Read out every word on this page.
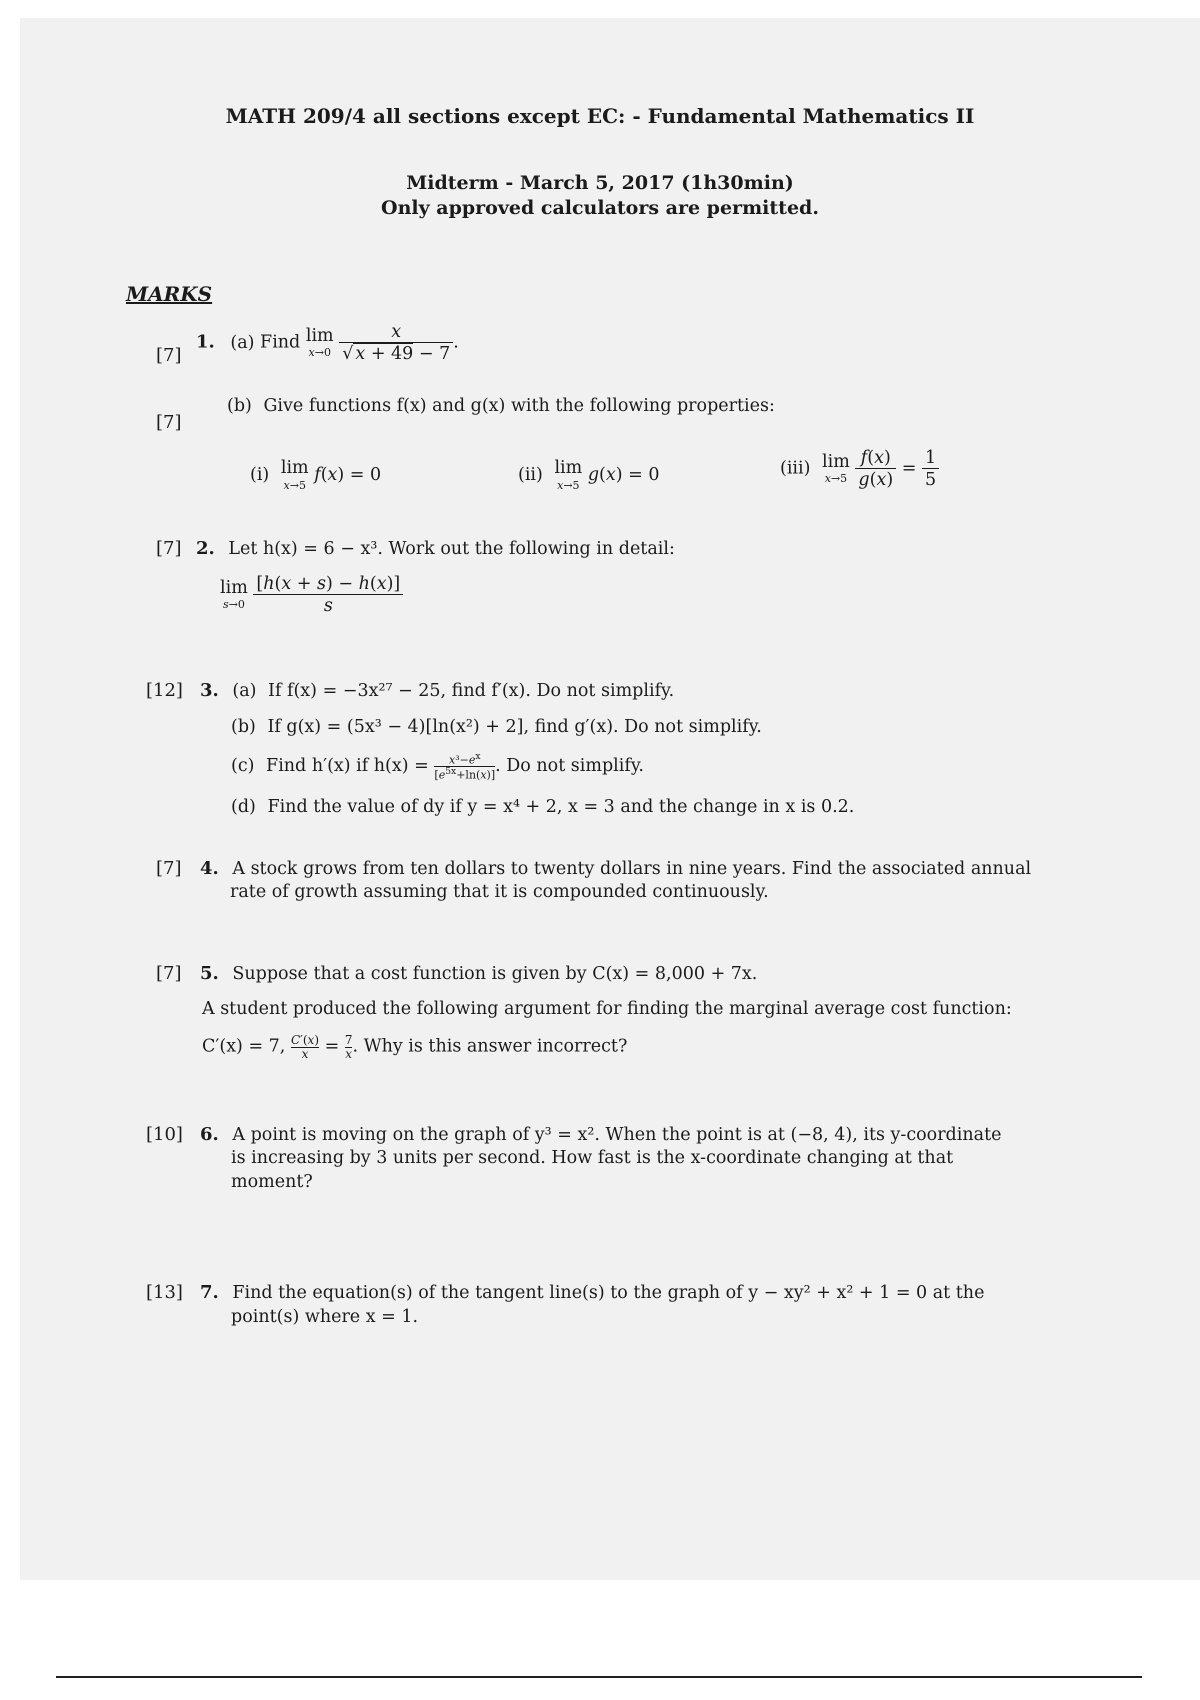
MATH 209/4 all sections except EC: - Fundamental Mathematics II
Midterm - March 5, 2017 (1h30min)
Only approved calculators are permitted.
MARKS
[7]
1. (a) Find lim
x→0
$\frac{x}{√ x + 49 - 7}$ .
[7]
(b) Give functions f(x) and g(x) with the following properties:
(i) lim
x→5
f(x) = 0	(ii) lim
x→5
g(x) = 0	(iii) lim
x→5
$\frac{f(x)}{g(x)} = \frac{1}{5}$
[7] 2. Let h(x) = 6 − x³. Work out the following in detail:
lim
s→0
$\frac{[h(x + s) - h(x)]}{s}$
[12] 3. (a) If f(x) = −3x²⁷ − 25, find f′(x). Do not simplify.
(b) If g(x) = (5x³ − 4)[ln(x²) + 2], find g′(x). Do not simplify.
(c) Find h′(x) if $h(x) = \frac{x^3-e^x}{[e^{5x}+\ln(x)]}$ . Do not simplify.
(d) Find the value of dy if y = x⁴ + 2, x = 3 and the change in x is 0.2.
[7] 4. A stock grows from ten dollars to twenty dollars in nine years. Find the associated annual
rate of growth assuming that it is compounded continuously.
[7] 5. Suppose that a cost function is given by C(x) = 8,000 + 7x.
A student produced the following argument for finding the marginal average cost function:
C′(x) = 7, $\frac{C'(x)}{x} = \frac{7}{x}$ . Why is this answer incorrect?
[10] 6. A point is moving on the graph of y³ = x². When the point is at (−8, 4), its y-coordinate
is increasing by 3 units per second. How fast is the x-coordinate changing at that
moment?
[13] 7. Find the equation(s) of the tangent line(s) to the graph of y − xy² + x² + 1 = 0 at the
point(s) where x = 1.
